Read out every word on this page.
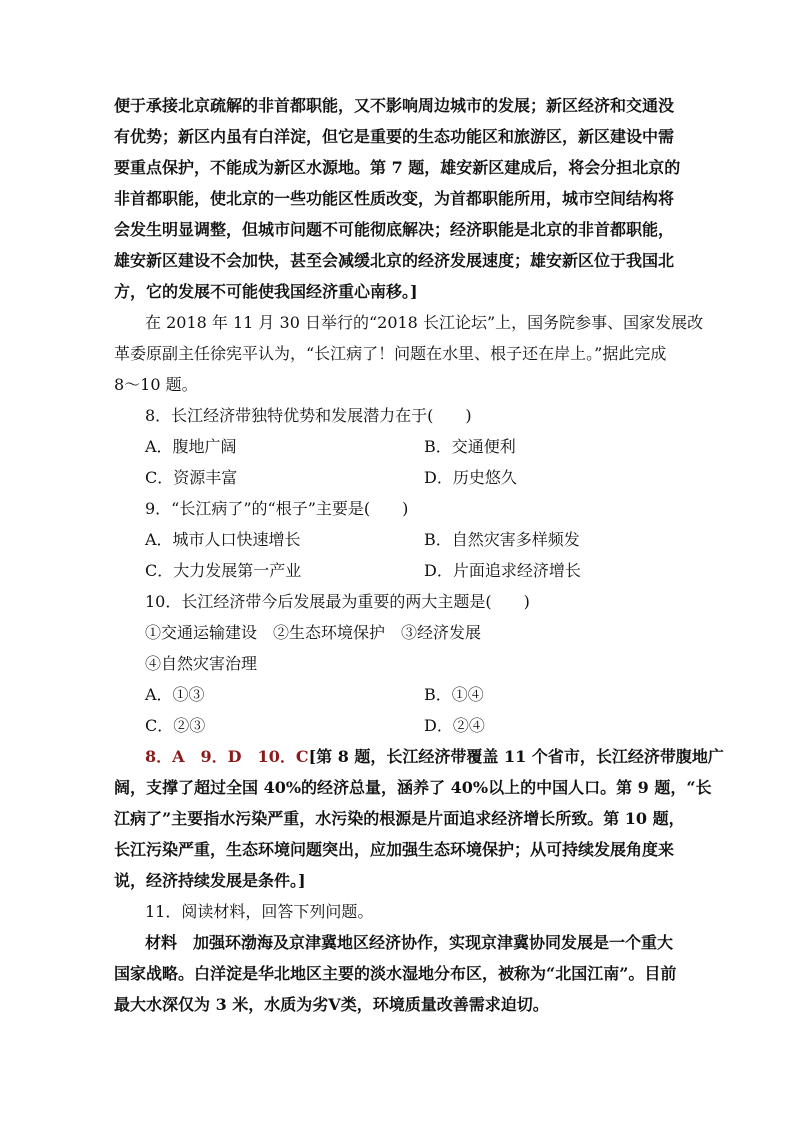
便于承接北京疏解的非首都职能，又不影响周边城市的发展；新区经济和交通没
有优势；新区内虽有白洋淀，但它是重要的生态功能区和旅游区，新区建设中需
要重点保护，不能成为新区水源地。第 7 题，雄安新区建成后，将会分担北京的
非首都职能，使北京的一些功能区性质改变，为首都职能所用，城市空间结构将
会发生明显调整，但城市问题不可能彻底解决；经济职能是北京的非首都职能，
雄安新区建设不会加快，甚至会减缓北京的经济发展速度；雄安新区位于我国北
方，它的发展不可能使我国经济重心南移。]
在 2018 年 11 月 30 日举行的“2018 长江论坛”上，国务院参事、国家发展改
革委原副主任徐宪平认为，“长江病了！问题在水里、根子还在岸上。”据此完成
8～10 题。
8．长江经济带独特优势和发展潜力在于(　　)
A．腹地广阔	B．交通便利
C．资源丰富	D．历史悠久
9．“长江病了”的“根子”主要是(　　)
A．城市人口快速增长	B．自然灾害多样频发
C．大力发展第一产业	D．片面追求经济增长
10．长江经济带今后发展最为重要的两大主题是(　　)
①交通运输建设　②生态环境保护　③经济发展
④自然灾害治理
A．①③	B．①④
C．②③	D．②④
8．A　9．D　10．C[第 8 题，长江经济带覆盖 11 个省市，长江经济带腹地广
阔，支撑了超过全国 40%的经济总量，涵养了 40%以上的中国人口。第 9 题，“长
江病了”主要指水污染严重，水污染的根源是片面追求经济增长所致。第 10 题，
长江污染严重，生态环境问题突出，应加强生态环境保护；从可持续发展角度来
说，经济持续发展是条件。]
11．阅读材料，回答下列问题。
材料　加强环渤海及京津冀地区经济协作，实现京津冀协同发展是一个重大
国家战略。白洋淀是华北地区主要的淡水湿地分布区，被称为“北国江南”。目前
最大水深仅为 3 米，水质为劣Ⅴ类，环境质量改善需求迫切。
